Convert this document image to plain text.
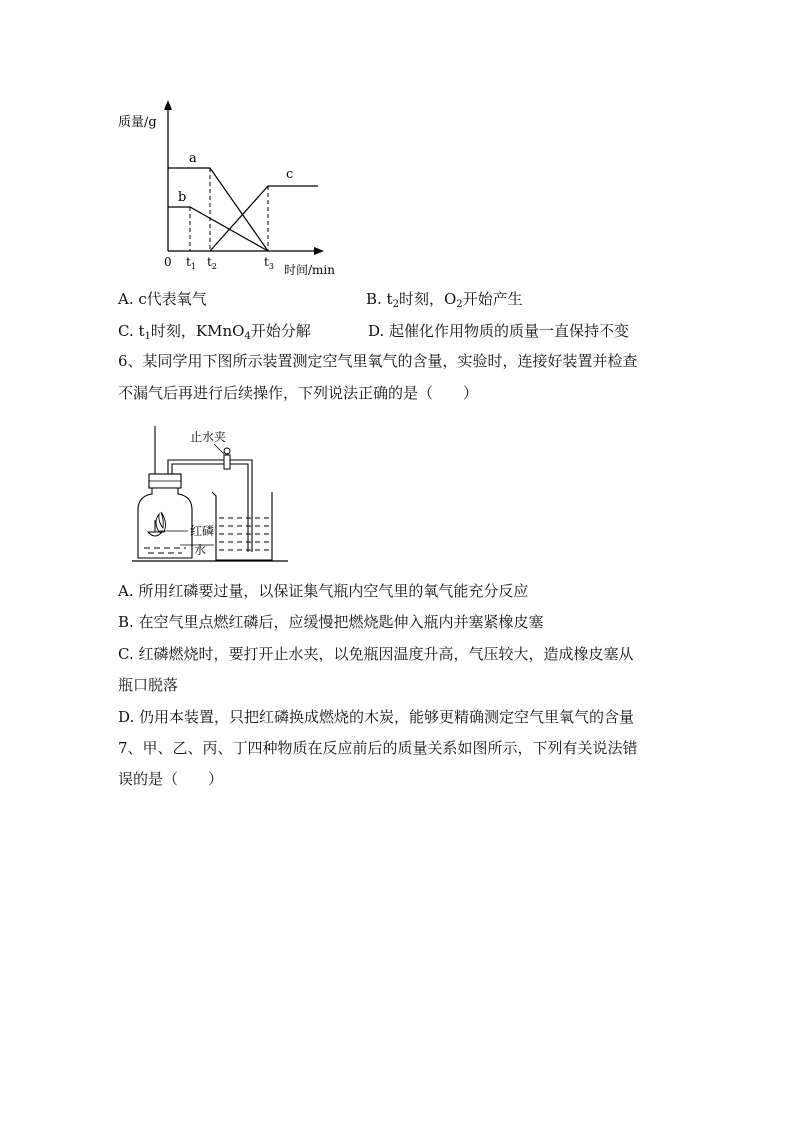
质量/g
时间/min
0 $t_1$ $t_2$	$t_3$
a
b
c
A. c代表氧气	B. $t_2$时刻，$O_2$开始产生
C. $t_1$时刻，KMnO$_4$开始分解	D. 起催化作用物质的质量一直保持不变
6、某同学用下图所示装置测定空气里氧气的含量，实验时，连接好装置并检查
不漏气后再进行后续操作，下列说法正确的是（　　）
止水夹
红磷
水
A. 所用红磷要过量，以保证集气瓶内空气里的氧气能充分反应
B. 在空气里点燃红磷后，应缓慢把燃烧匙伸入瓶内并塞紧橡皮塞
C. 红磷燃烧时，要打开止水夹，以免瓶因温度升高，气压较大，造成橡皮塞从
瓶口脱落
D. 仍用本装置，只把红磷换成燃烧的木炭，能够更精确测定空气里氧气的含量
7、甲、乙、丙、丁四种物质在反应前后的质量关系如图所示，下列有关说法错
误的是（　　）
